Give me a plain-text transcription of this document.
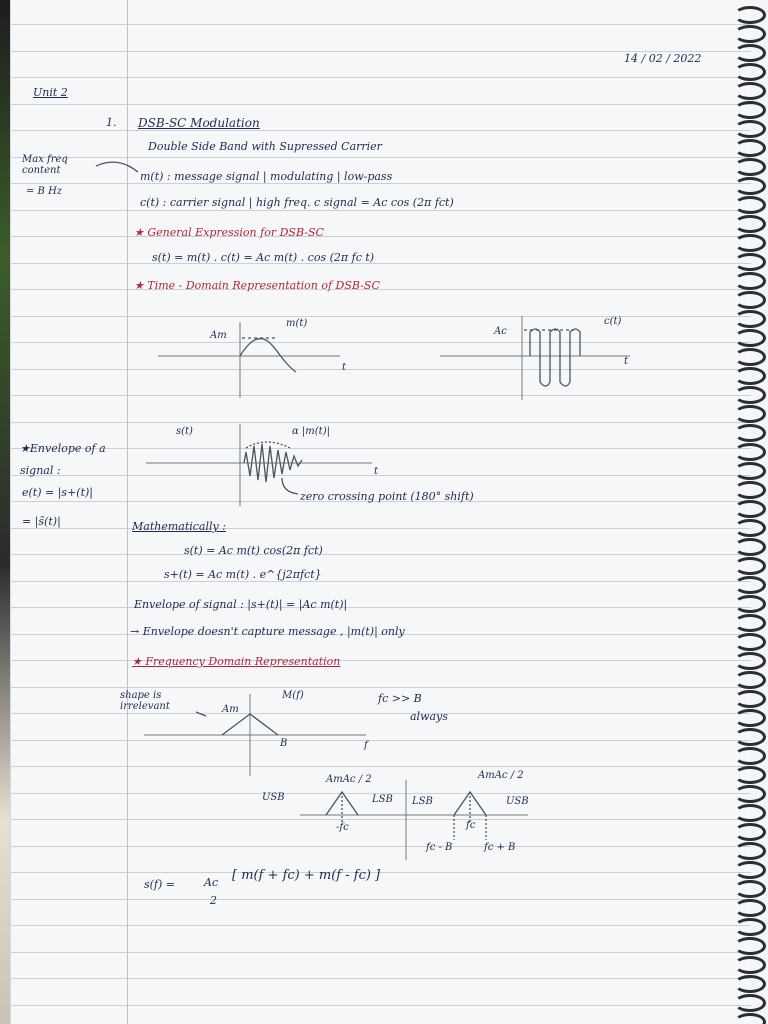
14 / 02 / 2022
Unit 2
1. DSB-SC Modulation
Double Side Band with Supressed Carrier
Max freq content
= B Hz
m(t) : message signal | modulating | low-pass
c(t) : carrier signal | high freq. c signal = Ac cos (2π fct)
★ General Expression for DSB-SC
s(t) = m(t) . c(t) = Ac m(t) . cos (2π fc t)
★ Time - Domain Representation of DSB-SC
m(t)
Am
t
c(t)
Ac
t
s(t)	α |m(t)|
t
zero crossing point (180° shift)
★Envelope of a signal :
e(t) = |s+(t)|
= |s̃(t)|	Mathematically :
s(t) = Ac m(t) cos(2π fct)
s+(t) = Ac m(t) . e^{j2πfct}
Envelope of signal : |s+(t)| = |Ac m(t)|
→ Envelope doesn't capture message , |m(t)| only
★ Frequency Domain Representation
shape is irrelevant	Am
M(f)
B	f
fc >> B
always
AmAc / 2	AmAc / 2
USB	LSB LSB	USB
-fc	fc
fc - B	fc + B
s(f) =	Ac
2
[ m(f + fc) + m(f - fc) ]
